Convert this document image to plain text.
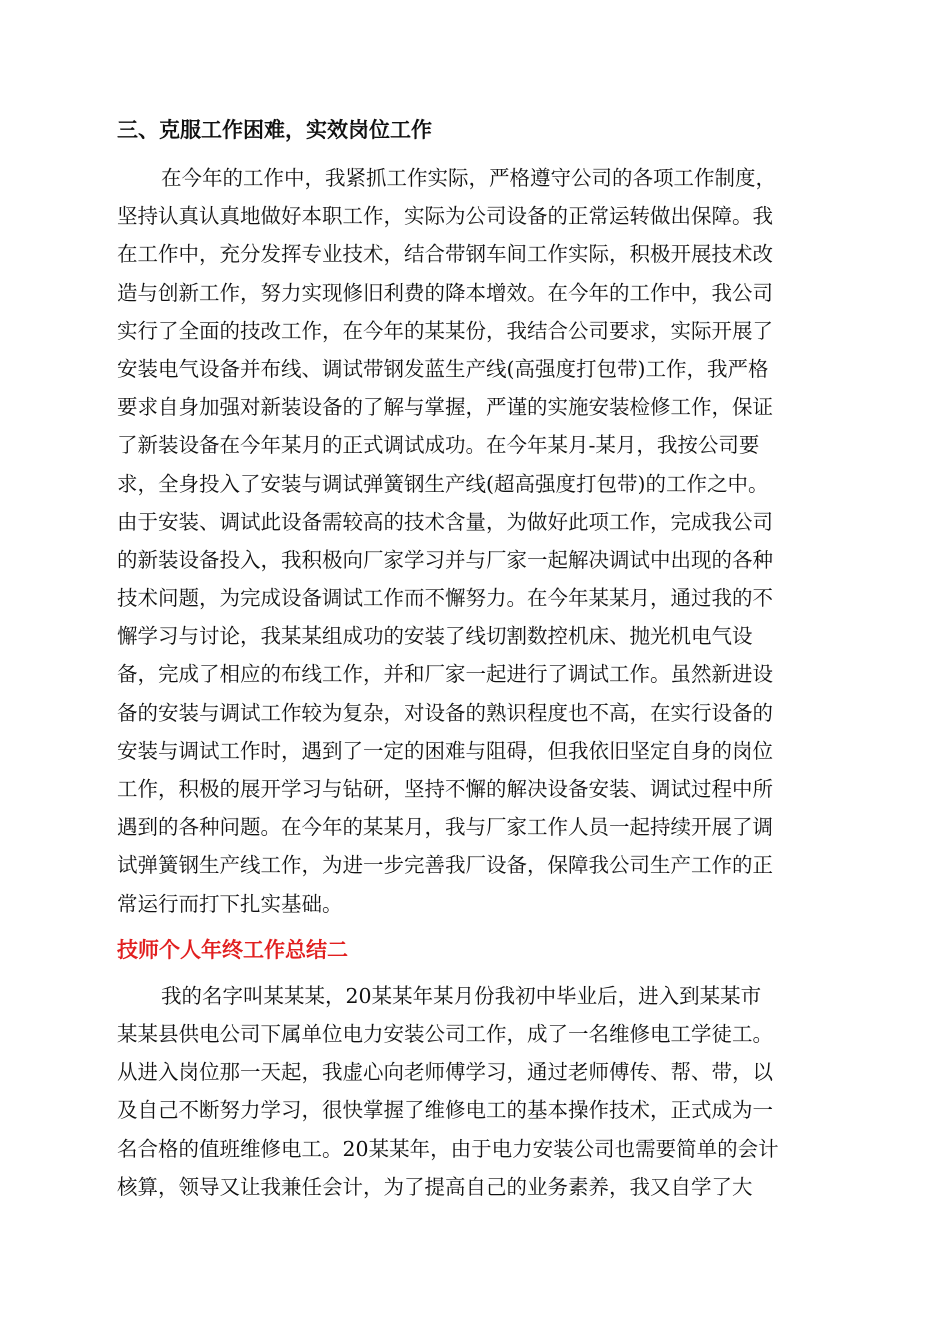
三、克服工作困难，实效岗位工作
在今年的工作中，我紧抓工作实际，严格遵守公司的各项工作制度，
坚持认真认真地做好本职工作，实际为公司设备的正常运转做出保障。我
在工作中，充分发挥专业技术，结合带钢车间工作实际，积极开展技术改
造与创新工作，努力实现修旧利费的降本增效。在今年的工作中，我公司
实行了全面的技改工作，在今年的某某份，我结合公司要求，实际开展了
安装电气设备并布线、调试带钢发蓝生产线(高强度打包带)工作，我严格
要求自身加强对新装设备的了解与掌握，严谨的实施安装检修工作，保证
了新装设备在今年某月的正式调试成功。在今年某月-某月，我按公司要
求，全身投入了安装与调试弹簧钢生产线(超高强度打包带)的工作之中。
由于安装、调试此设备需较高的技术含量，为做好此项工作，完成我公司
的新装设备投入，我积极向厂家学习并与厂家一起解决调试中出现的各种
技术问题，为完成设备调试工作而不懈努力。在今年某某月，通过我的不
懈学习与讨论，我某某组成功的安装了线切割数控机床、抛光机电气设
备，完成了相应的布线工作，并和厂家一起进行了调试工作。虽然新进设
备的安装与调试工作较为复杂，对设备的熟识程度也不高，在实行设备的
安装与调试工作时，遇到了一定的困难与阻碍，但我依旧坚定自身的岗位
工作，积极的展开学习与钻研，坚持不懈的解决设备安装、调试过程中所
遇到的各种问题。在今年的某某月，我与厂家工作人员一起持续开展了调
试弹簧钢生产线工作，为进一步完善我厂设备，保障我公司生产工作的正
常运行而打下扎实基础。
技师个人年终工作总结二
我的名字叫某某某，20某某年某月份我初中毕业后，进入到某某市
某某县供电公司下属单位电力安装公司工作，成了一名维修电工学徒工。
从进入岗位那一天起，我虚心向老师傅学习，通过老师傅传、帮、带，以
及自己不断努力学习，很快掌握了维修电工的基本操作技术，正式成为一
名合格的值班维修电工。20某某年，由于电力安装公司也需要简单的会计
核算，领导又让我兼任会计，为了提高自己的业务素养，我又自学了大
